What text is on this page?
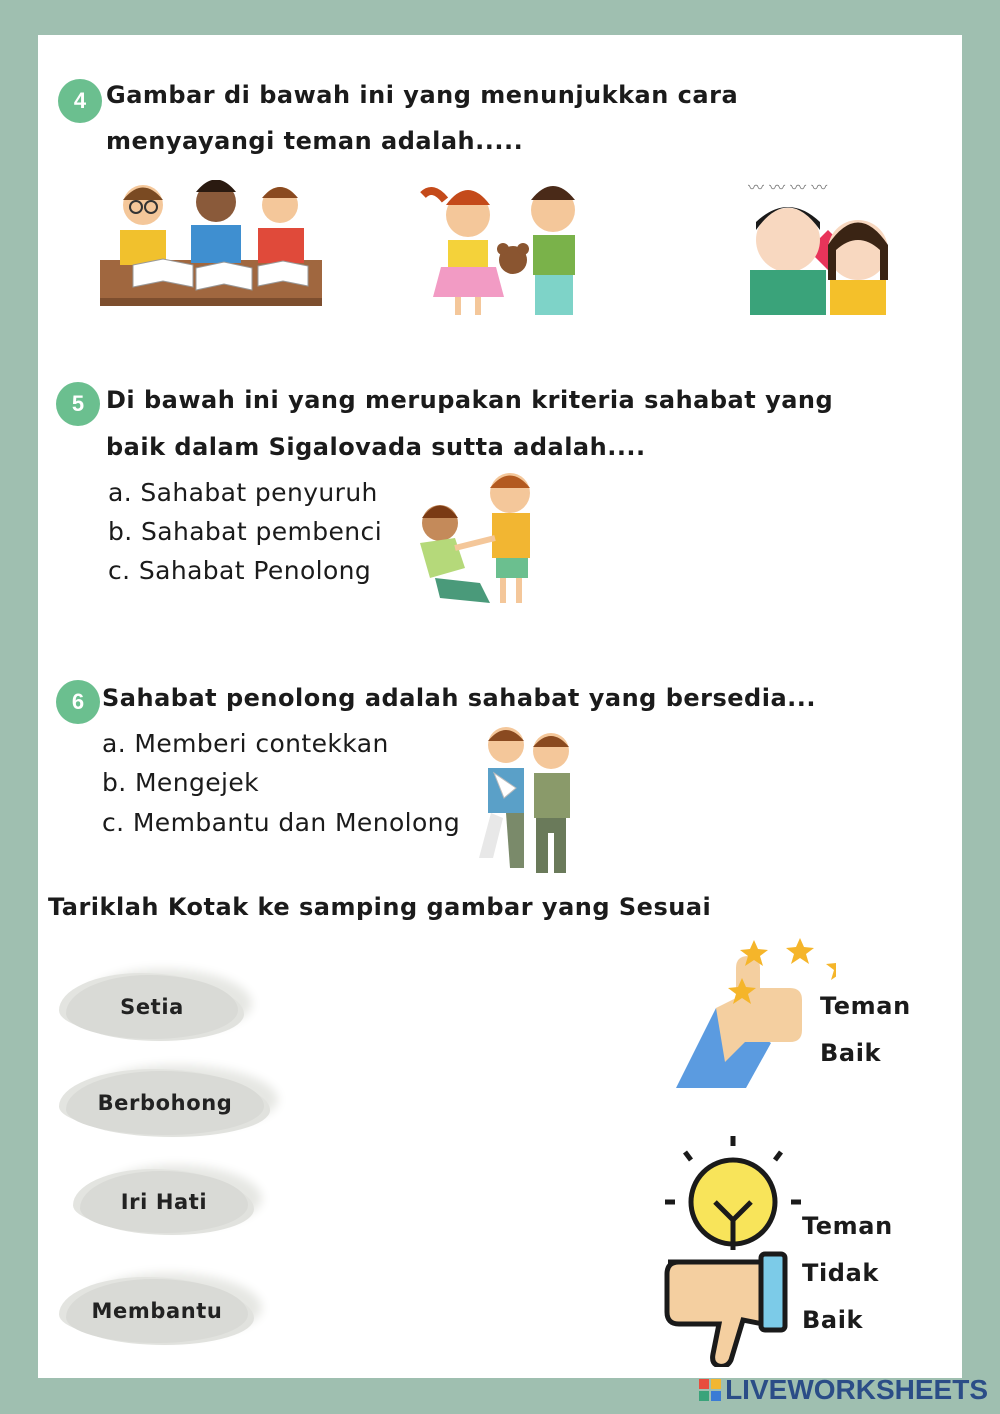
4 Gambar di bawah ini yang menunjukkan cara
menyayangi teman adalah.....
〰 〰 〰 〰
5 Di bawah ini yang merupakan kriteria sahabat yang
baik dalam Sigalovada sutta adalah....
a. Sahabat penyuruh
b. Sahabat pembenci
c. Sahabat Penolong
6 Sahabat penolong adalah sahabat yang bersedia...
a. Memberi contekkan
b. Mengejek
c. Membantu dan Menolong
Tariklah Kotak ke samping gambar yang Sesuai
Setia
Berbohong
Iri Hati
Membantu
Teman
Baik
Teman
Tidak
Baik
LIVEWORKSHEETS
